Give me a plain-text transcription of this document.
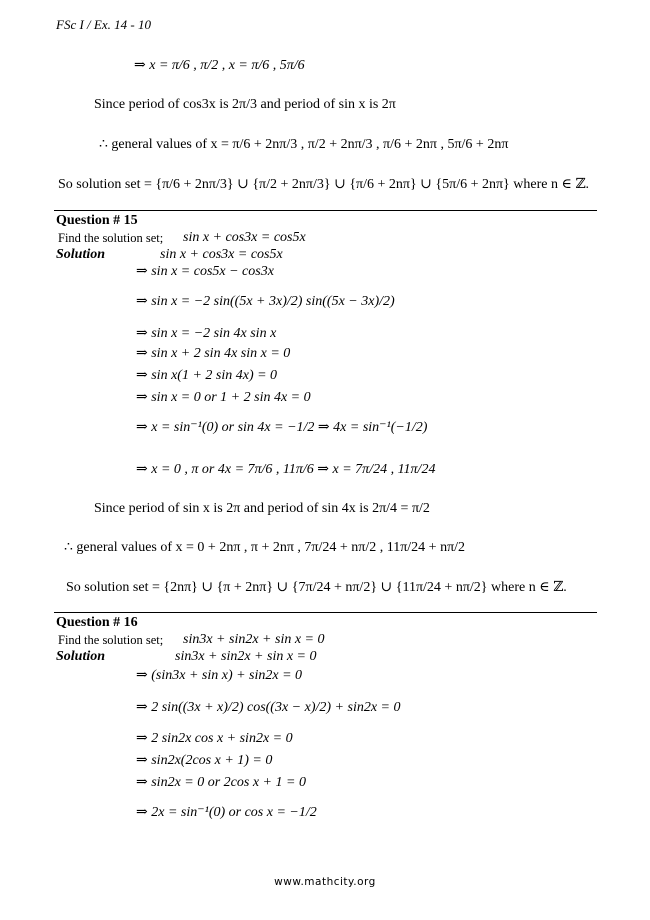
FSc I / Ex. 14 - 10
⇒ x = π/6 , π/2 , x = π/6 , 5π/6
Since period of cos3x is 2π/3 and period of sin x is 2π
∴ general values of x = π/6 + 2nπ/3 , π/2 + 2nπ/3 , π/6 + 2nπ , 5π/6 + 2nπ
So solution set = {π/6 + 2nπ/3} ∪ {π/2 + 2nπ/3} ∪ {π/6 + 2nπ} ∪ {5π/6 + 2nπ} where n ∈ ℤ.
Question # 15
Find the solution set; sin x + cos3x = cos5x
Solution	sin x + cos3x = cos5x
⇒ sin x = cos5x − cos3x
⇒ sin x = −2 sin((5x + 3x)/2) sin((5x − 3x)/2)
⇒ sin x = −2 sin 4x sin x
⇒ sin x + 2 sin 4x sin x = 0
⇒ sin x(1 + 2 sin 4x) = 0
⇒ sin x = 0 or 1 + 2 sin 4x = 0
⇒ x = sin⁻¹(0) or sin 4x = −1/2 ⇒ 4x = sin⁻¹(−1/2)
⇒ x = 0 , π or 4x = 7π/6 , 11π/6 ⇒ x = 7π/24 , 11π/24
Since period of sin x is 2π and period of sin 4x is 2π/4 = π/2
∴ general values of x = 0 + 2nπ , π + 2nπ , 7π/24 + nπ/2 , 11π/24 + nπ/2
So solution set = {2nπ} ∪ {π + 2nπ} ∪ {7π/24 + nπ/2} ∪ {11π/24 + nπ/2} where n ∈ ℤ.
Question # 16
Find the solution set; sin3x + sin2x + sin x = 0
Solution	sin3x + sin2x + sin x = 0
⇒ (sin3x + sin x) + sin2x = 0
⇒ 2 sin((3x + x)/2) cos((3x − x)/2) + sin2x = 0
⇒ 2 sin2x cos x + sin2x = 0
⇒ sin2x(2cos x + 1) = 0
⇒ sin2x = 0 or 2cos x + 1 = 0
⇒ 2x = sin⁻¹(0) or cos x = −1/2
www.mathcity.org
